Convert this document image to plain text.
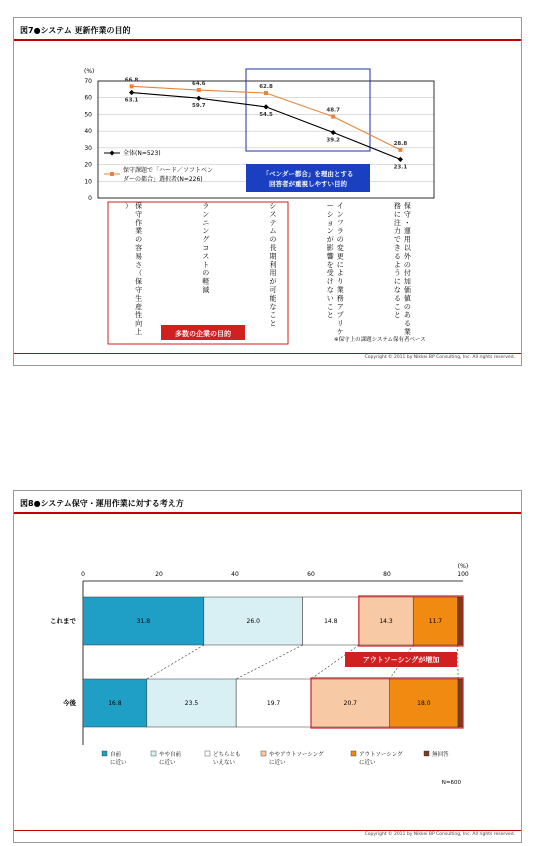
図7●システム 更新作業の目的
(%)
0
10
20
30
40
50
60
70
63.1
59.7
54.5
39.2
23.1
66.8
64.6
62.8
48.7
28.8
全体(N=523)
保守課題で「ハード／ソフトベン
ダーの都合」選択者(N=226)
「ベンダー都合」を理由とする
回答者が重視しやすい目的
保
守
作
業
の
容
易
さ
（
保
守
生
産
性
向
上
）	ラ
ン
ニ
ン
グ
コ
ス
ト
の
軽
減
シ
ス
テ
ム
の
長
期
利
用
が
可
能
な
こ
と
イ
ン
フ
ラ
の
変
更
に
よ
り
業
務
ア
プ
リ
ケ
ー
シ
ョ
ン
が
影
響
を
受
け
な
い
こ
と
保
守
・
運
用
以
外
の
付
加
価
値
の
あ
る
業
務
に
注
力
で
き
る
よ
う
に
な
る
こ
と
多数の企業の目的
※保守上の課題システム保有者ベース
Copyright © 2011 by Nikkei BP Consulting, Inc. All rights reserved.
図8●システム保守・運用作業に対する考え方
(%)
0	20	40	60	80	100
これまで	31.8	26.0	14.8	14.3	11.7
今後	16.8	23.5	19.7	20.7	18.0
アウトソーシングが増加
自前
に近い
やや自前
に近い
どちらとも
いえない
ややアウトソーシング
に近い
アウトソーシング
に近い
無回答
N=600
Copyright © 2011 by Nikkei BP Consulting, Inc. All rights reserved.
